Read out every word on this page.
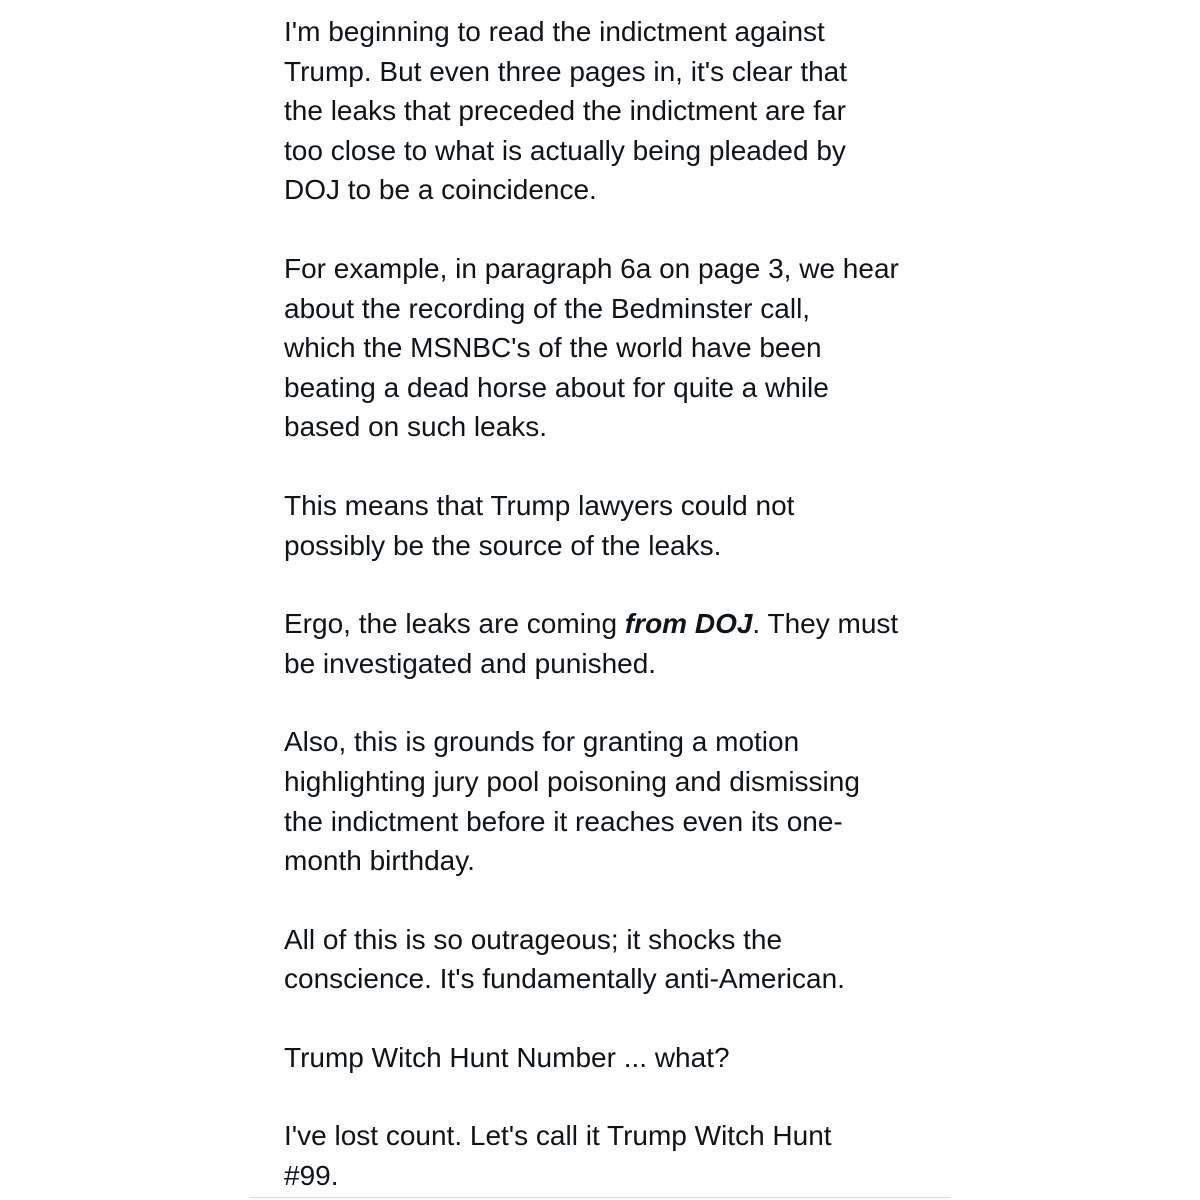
I'm beginning to read the indictment against
Trump. But even three pages in, it's clear that
the leaks that preceded the indictment are far
too close to what is actually being pleaded by
DOJ to be a coincidence.

For example, in paragraph 6a on page 3, we hear
about the recording of the Bedminster call,
which the MSNBC's of the world have been
beating a dead horse about for quite a while
based on such leaks.

This means that Trump lawyers could not
possibly be the source of the leaks.

Ergo, the leaks are coming from DOJ. They must
be investigated and punished.

Also, this is grounds for granting a motion
highlighting jury pool poisoning and dismissing
the indictment before it reaches even its one-
month birthday.

All of this is so outrageous; it shocks the
conscience. It's fundamentally anti-American.

Trump Witch Hunt Number ... what?

I've lost count. Let's call it Trump Witch Hunt
#99.
